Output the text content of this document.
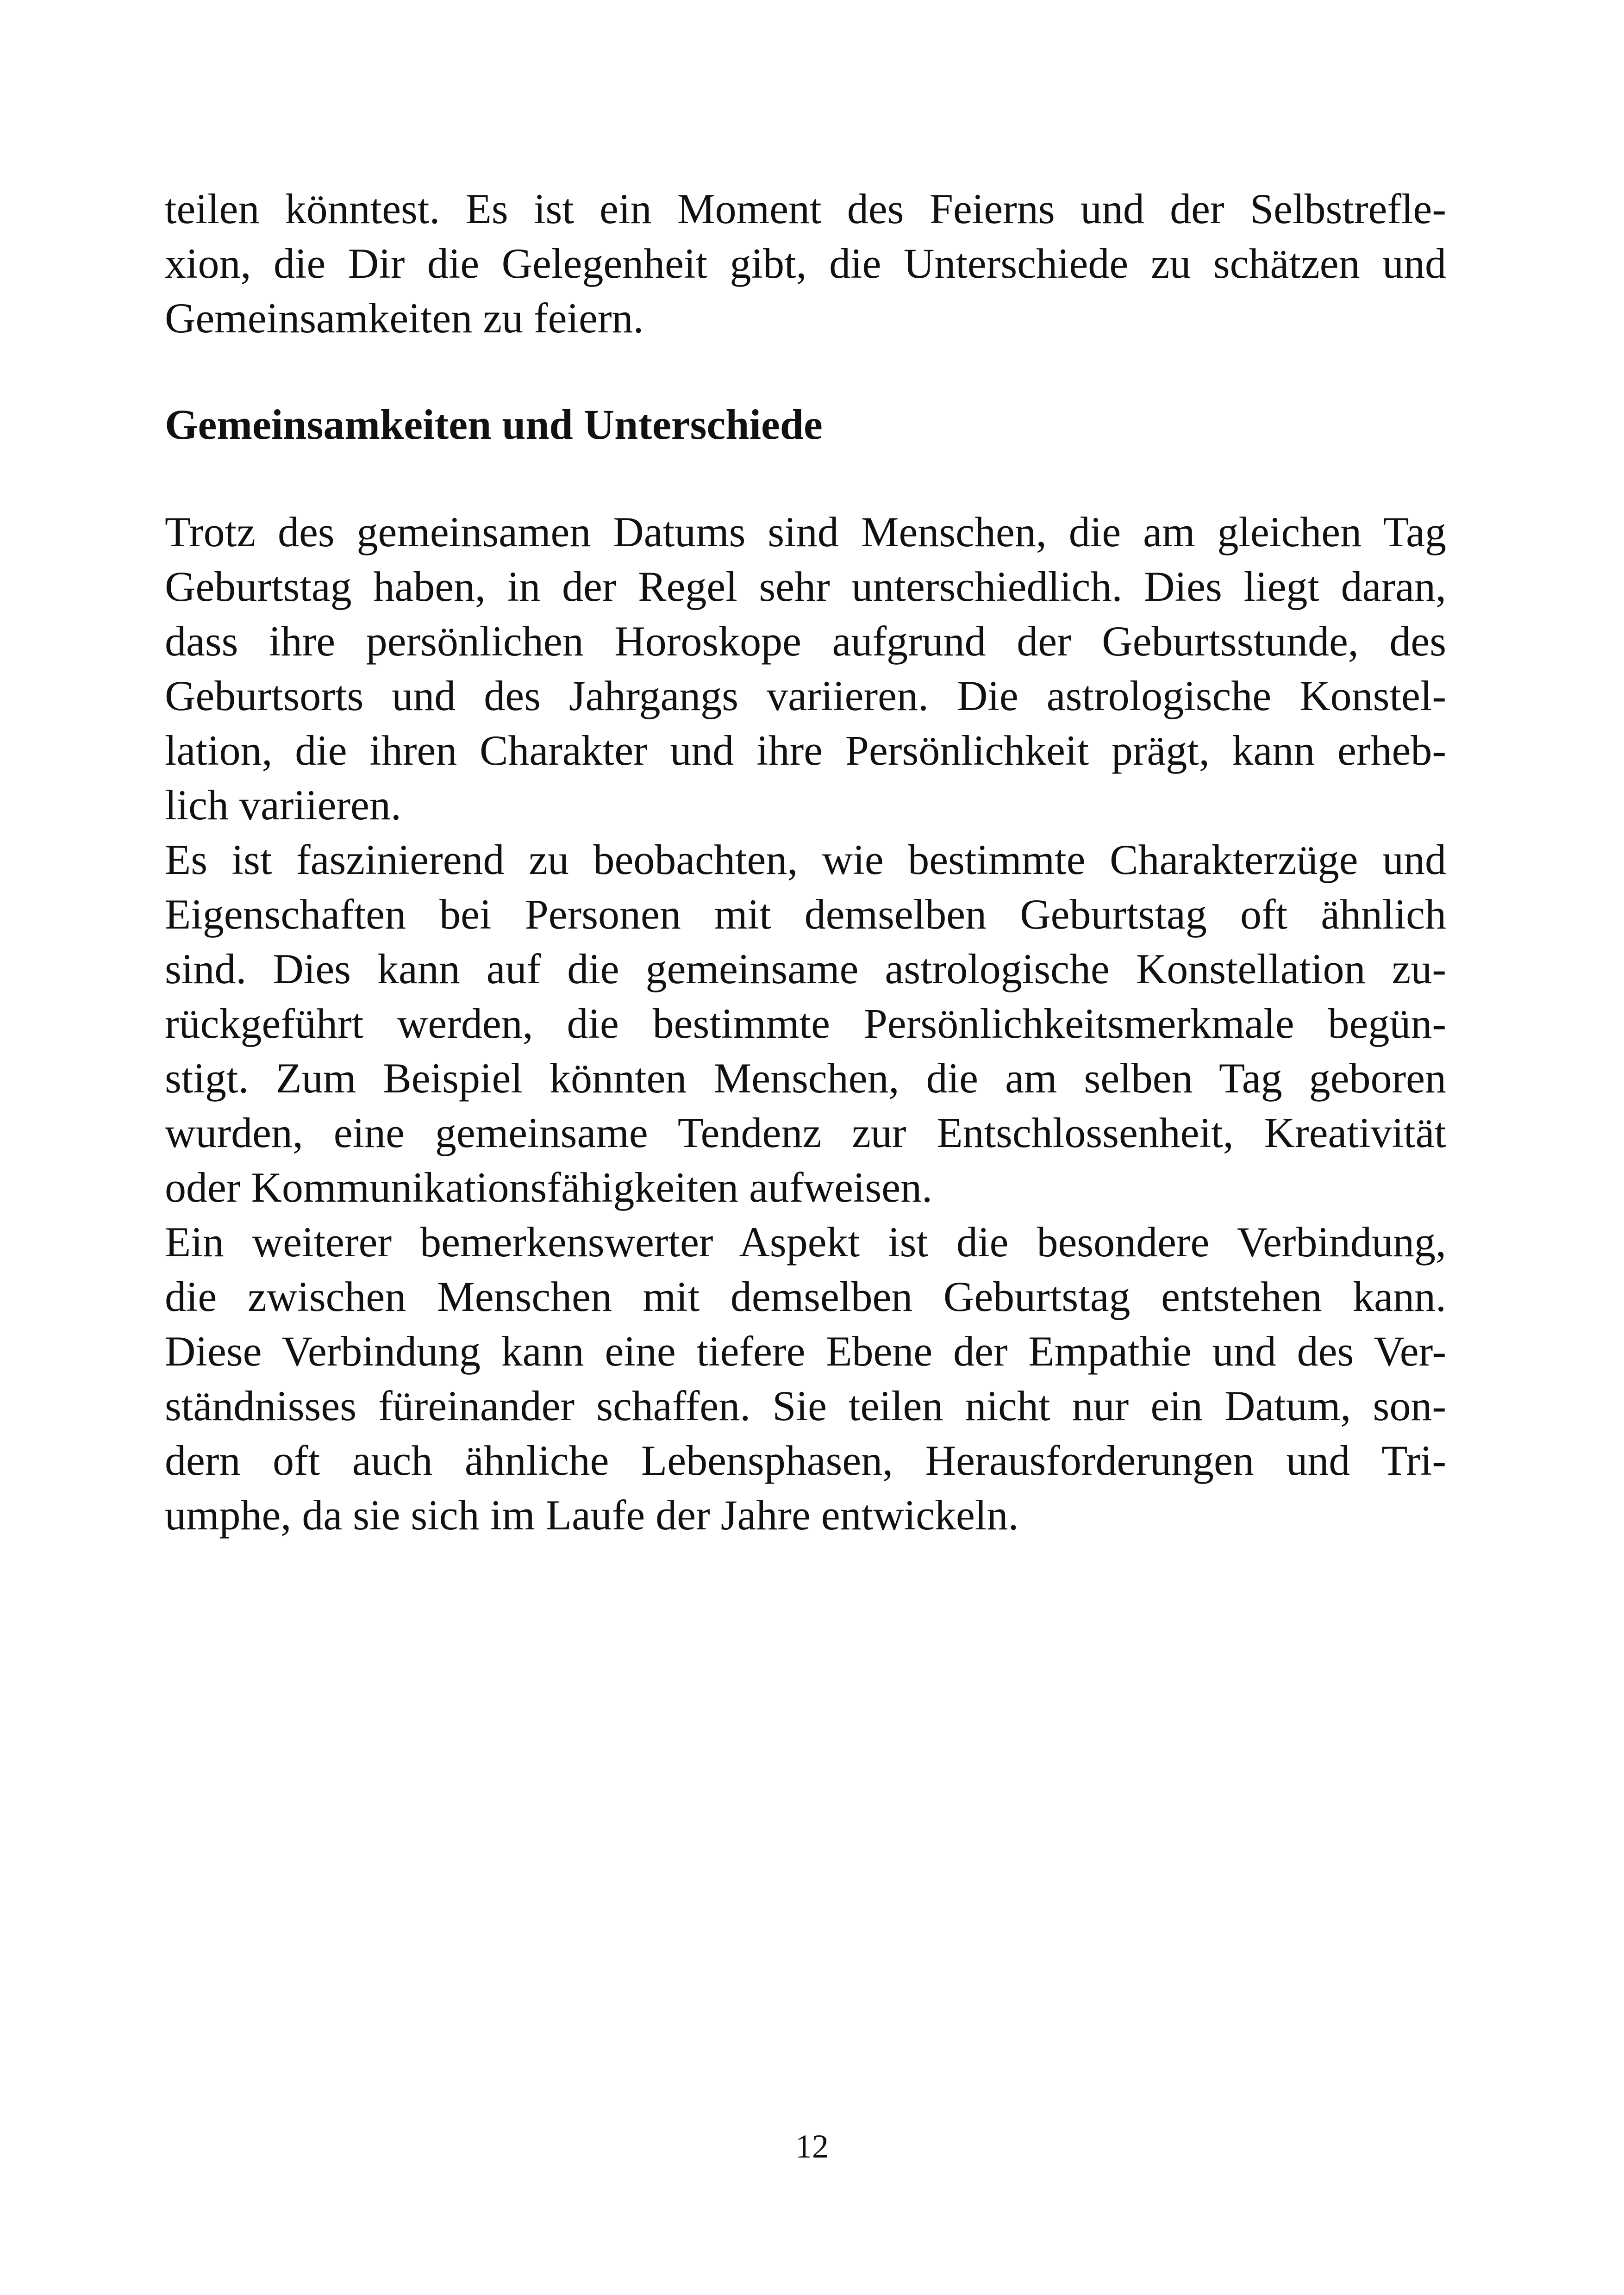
teilen könntest. Es ist ein Moment des Feierns und der Selbstrefle-
xion, die Dir die Gelegenheit gibt, die Unterschiede zu schätzen und
Gemeinsamkeiten zu feiern.
Gemeinsamkeiten und Unterschiede
Trotz des gemeinsamen Datums sind Menschen, die am gleichen Tag
Geburtstag haben, in der Regel sehr unterschiedlich. Dies liegt daran,
dass ihre persönlichen Horoskope aufgrund der Geburtsstunde, des
Geburtsorts und des Jahrgangs variieren. Die astrologische Konstel-
lation, die ihren Charakter und ihre Persönlichkeit prägt, kann erheb-
lich variieren.
Es ist faszinierend zu beobachten, wie bestimmte Charakterzüge und
Eigenschaften bei Personen mit demselben Geburtstag oft ähnlich
sind. Dies kann auf die gemeinsame astrologische Konstellation zu-
rückgeführt werden, die bestimmte Persönlichkeitsmerkmale begün-
stigt. Zum Beispiel könnten Menschen, die am selben Tag geboren
wurden, eine gemeinsame Tendenz zur Entschlossenheit, Kreativität
oder Kommunikationsfähigkeiten aufweisen.
Ein weiterer bemerkenswerter Aspekt ist die besondere Verbindung,
die zwischen Menschen mit demselben Geburtstag entstehen kann.
Diese Verbindung kann eine tiefere Ebene der Empathie und des Ver-
ständnisses füreinander schaffen. Sie teilen nicht nur ein Datum, son-
dern oft auch ähnliche Lebensphasen, Herausforderungen und Tri-
umphe, da sie sich im Laufe der Jahre entwickeln.
12
